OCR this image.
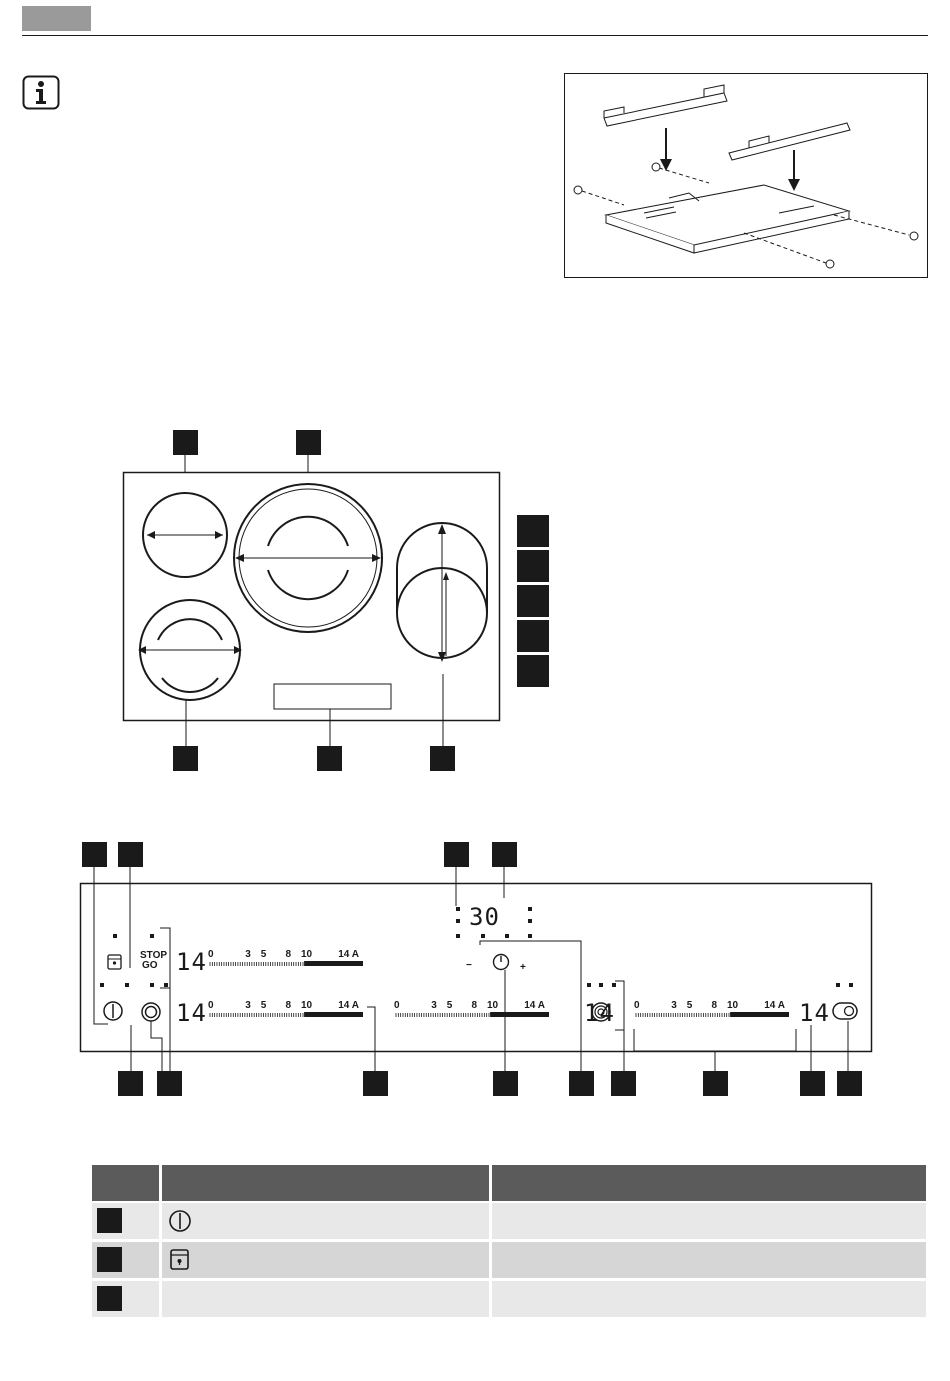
STOP
GO 14
14	14	14
0	3 5 8 10	14 A
0	3 5 8 10	14 A	0	3 5 8 10	14 A	0	3 5 8 10	14 A
30
−	+
